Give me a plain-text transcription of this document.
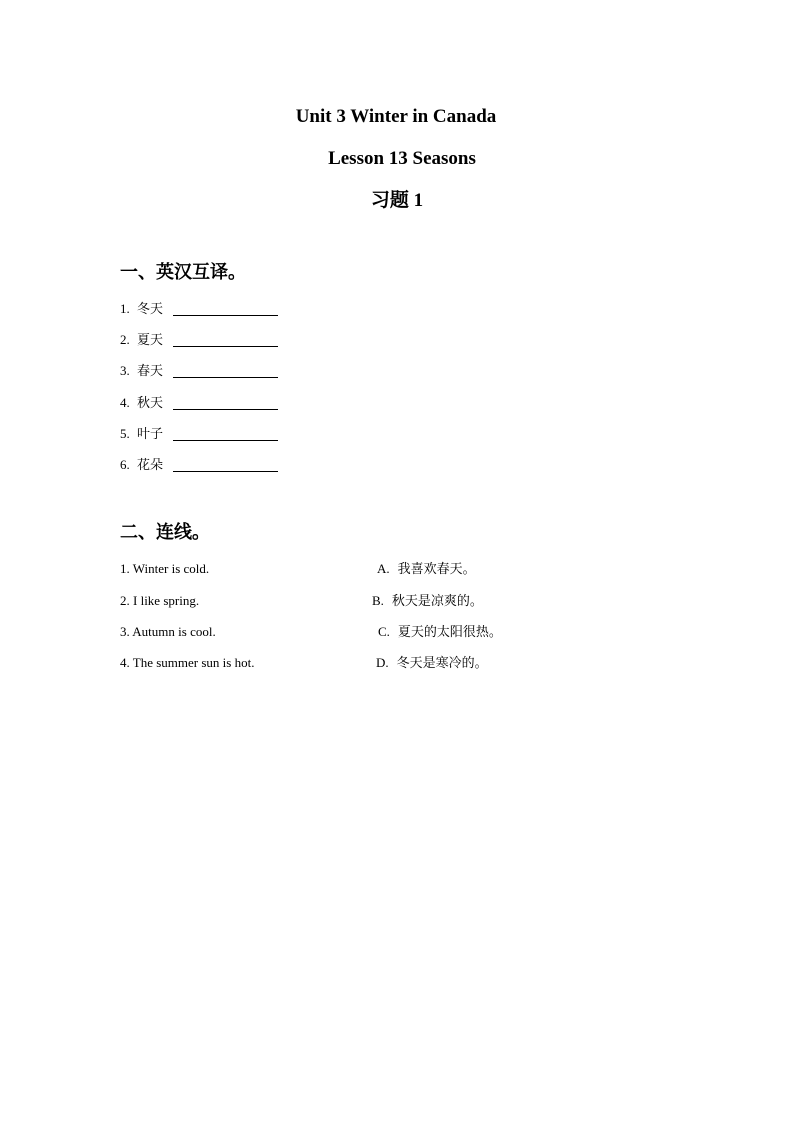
Unit 3 Winter in Canada
Lesson 13 Seasons
习题 1
一、英汉互译。
1. 冬天
2. 夏天
3. 春天
4. 秋天
5. 叶子
6. 花朵
二、连线。
1. Winter is cold.
2. I like spring.
3. Autumn is cool.
4. The summer sun is hot.
A. 我喜欢春天。
B. 秋天是凉爽的。
C. 夏天的太阳很热。
D. 冬天是寒冷的。
